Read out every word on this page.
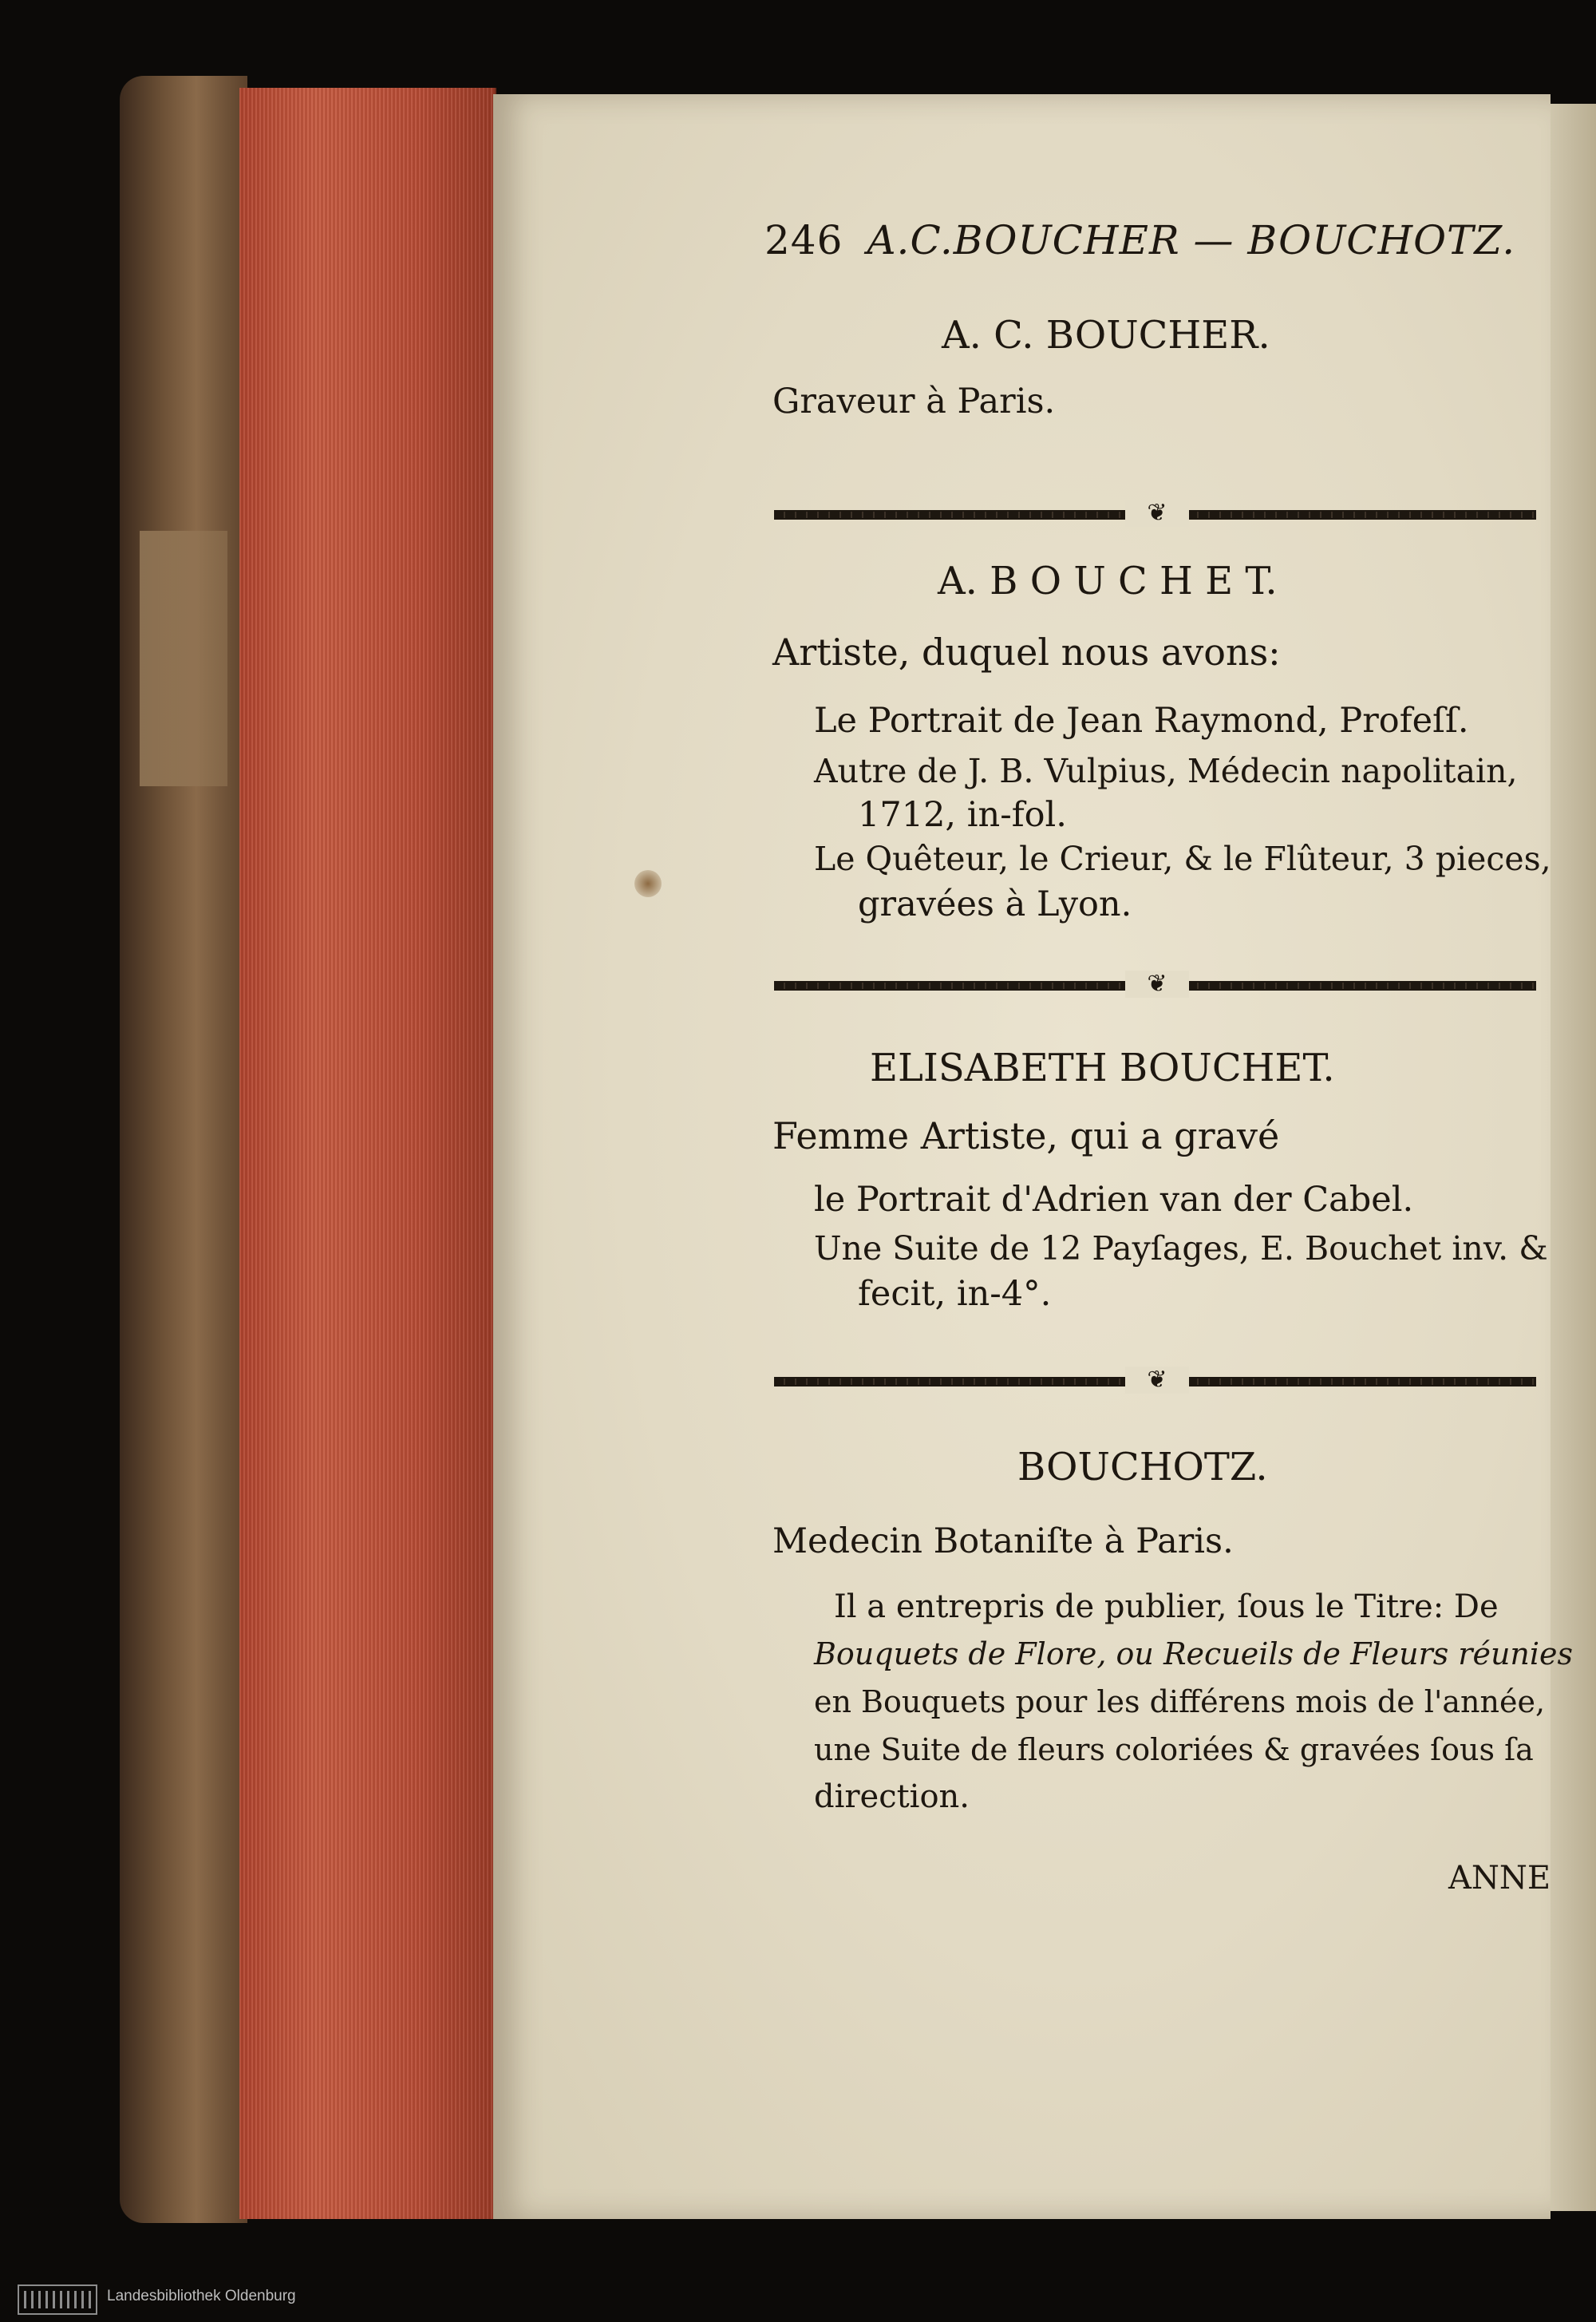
246 A.C.BOUCHER — BOUCHOTZ.
A. C. BOUCHER.
Graveur à Paris.
❦
A. B O U C H E T.
Artiste, duquel nous avons:
Le Portrait de Jean Raymond, Profeſſ.
Autre de J. B. Vulpius, Médecin napolitain,
1712, in-fol.
Le Quêteur, le Crieur, & le Flûteur, 3 pieces,
gravées à Lyon.
❦
ELISABETH BOUCHET.
Femme Artiste, qui a gravé
le Portrait d'Adrien van der Cabel.
Une Suite de 12 Payſages, E. Bouchet inv. &
fecit, in-4°.
❦
BOUCHOTZ.
Medecin Botaniſte à Paris.
Il a entrepris de publier, ſous le Titre: De
Bouquets de Flore, ou Recueils de Fleurs réunies
en Bouquets pour les différens mois de l'année,
une Suite de fleurs coloriées & gravées ſous ſa
direction.
ANNE
Landesbibliothek Oldenburg
